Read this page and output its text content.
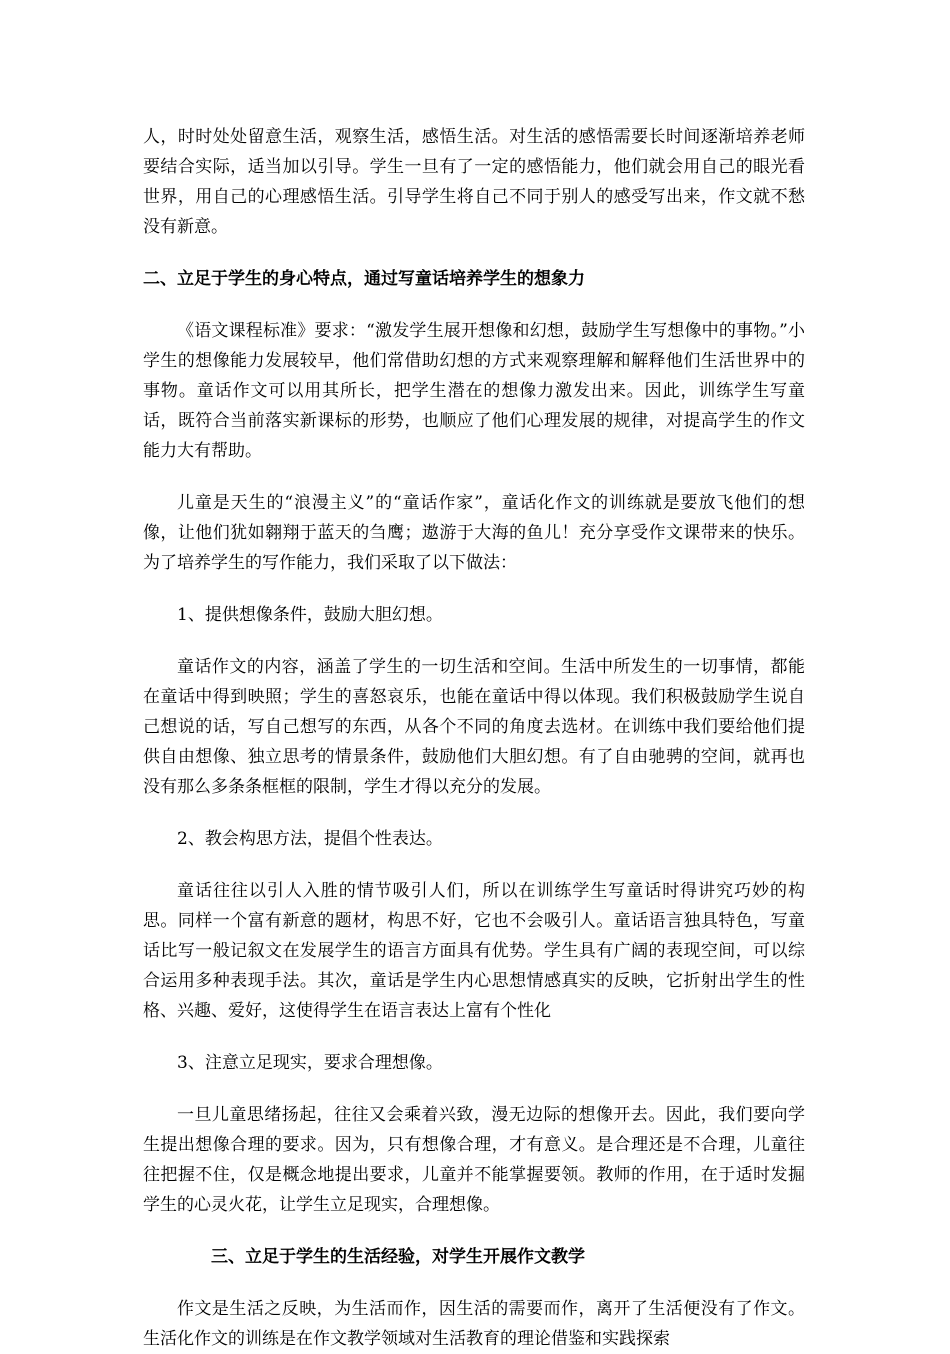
人，时时处处留意生活，观察生活，感悟生活。对生活的感悟需要长时间逐渐培养老师要结合实际，适当加以引导。学生一旦有了一定的感悟能力，他们就会用自己的眼光看世界，用自己的心理感悟生活。引导学生将自己不同于别人的感受写出来，作文就不愁没有新意。

二、立足于学生的身心特点，通过写童话培养学生的想象力

《语文课程标准》要求：“激发学生展开想像和幻想，鼓励学生写想像中的事物。”小学生的想像能力发展较早，他们常借助幻想的方式来观察理解和解释他们生活世界中的事物。童话作文可以用其所长，把学生潜在的想像力激发出来。因此，训练学生写童话，既符合当前落实新课标的形势，也顺应了他们心理发展的规律，对提高学生的作文能力大有帮助。

儿童是天生的“浪漫主义”的“童话作家”，童话化作文的训练就是要放飞他们的想像，让他们犹如翱翔于蓝天的刍鹰；遨游于大海的鱼儿！充分享受作文课带来的快乐。为了培养学生的写作能力，我们采取了以下做法：

1、提供想像条件，鼓励大胆幻想。

童话作文的内容，涵盖了学生的一切生活和空间。生活中所发生的一切事情，都能在童话中得到映照；学生的喜怒哀乐，也能在童话中得以体现。我们积极鼓励学生说自己想说的话，写自己想写的东西，从各个不同的角度去选材。在训练中我们要给他们提供自由想像、独立思考的情景条件，鼓励他们大胆幻想。有了自由驰骋的空间，就再也没有那么多条条框框的限制，学生才得以充分的发展。

2、教会构思方法，提倡个性表达。

童话往往以引人入胜的情节吸引人们，所以在训练学生写童话时得讲究巧妙的构思。同样一个富有新意的题材，构思不好，它也不会吸引人。童话语言独具特色，写童话比写一般记叙文在发展学生的语言方面具有优势。学生具有广阔的表现空间，可以综合运用多种表现手法。其次，童话是学生内心思想情感真实的反映，它折射出学生的性格、兴趣、爱好，这使得学生在语言表达上富有个性化

3、注意立足现实，要求合理想像。

一旦儿童思绪扬起，往往又会乘着兴致，漫无边际的想像开去。因此，我们要向学生提出想像合理的要求。因为，只有想像合理，才有意义。是合理还是不合理，儿童往往把握不住，仅是概念地提出要求，儿童并不能掌握要领。教师的作用，在于适时发掘学生的心灵火花，让学生立足现实，合理想像。

三、立足于学生的生活经验，对学生开展作文教学

作文是生活之反映，为生活而作，因生活的需要而作，离开了生活便没有了作文。生活化作文的训练是在作文教学领域对生活教育的理论借鉴和实践探索
